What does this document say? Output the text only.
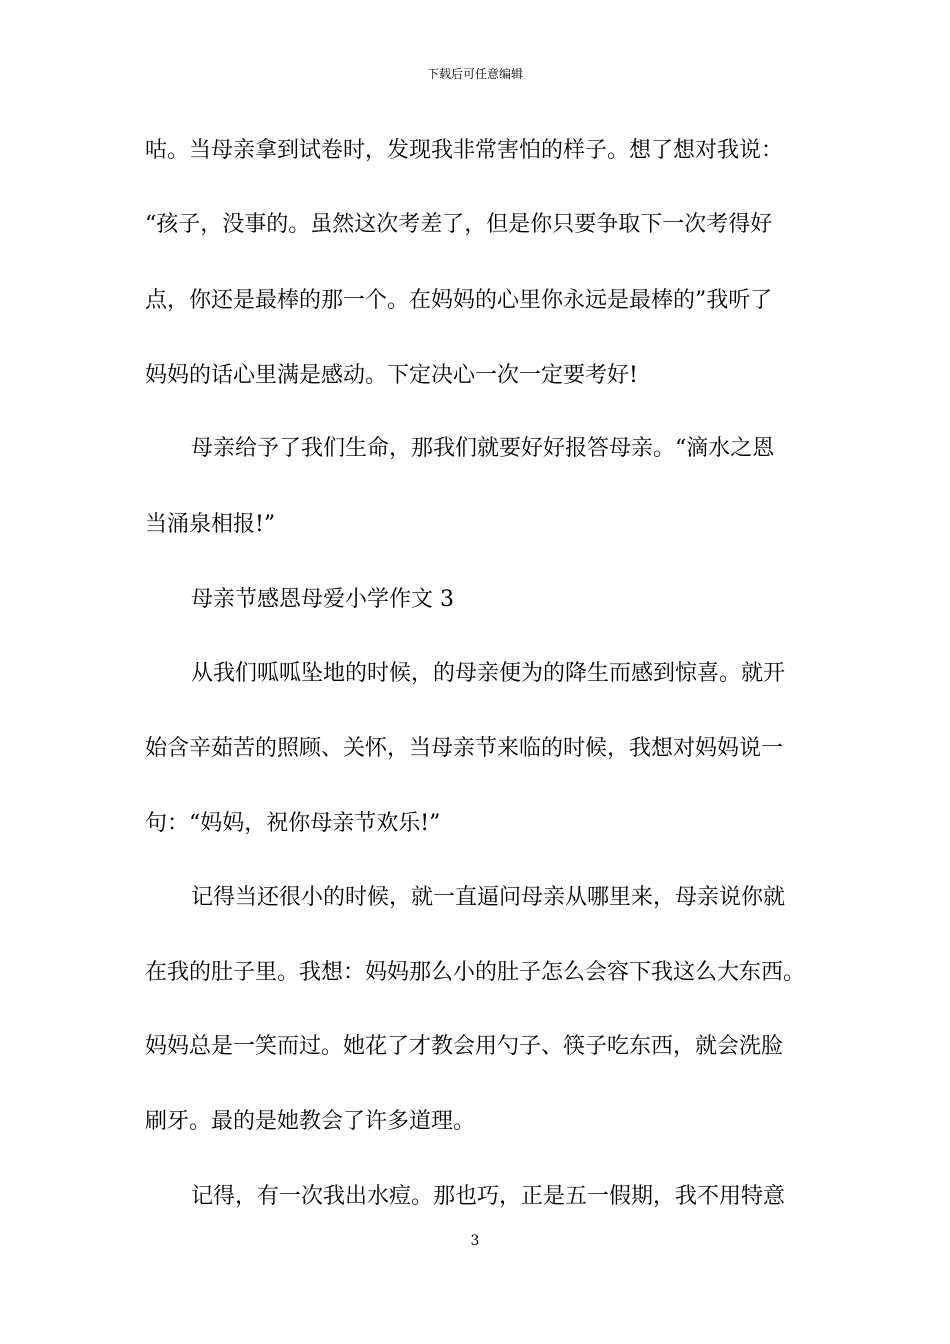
下载后可任意编辑
咕。当母亲拿到试卷时，发现我非常害怕的样子。想了想对我说：
“孩子，没事的。虽然这次考差了，但是你只要争取下一次考得好
点，你还是最棒的那一个。在妈妈的心里你永远是最棒的”我听了
妈妈的话心里满是感动。下定决心一次一定要考好!
母亲给予了我们生命，那我们就要好好报答母亲。“滴水之恩
当涌泉相报!”
母亲节感恩母爱小学作文 3
从我们呱呱坠地的时候，的母亲便为的降生而感到惊喜。就开
始含辛茹苦的照顾、关怀，当母亲节来临的时候，我想对妈妈说一
句：“妈妈，祝你母亲节欢乐!”
记得当还很小的时候，就一直逼问母亲从哪里来，母亲说你就
在我的肚子里。我想：妈妈那么小的肚子怎么会容下我这么大东西。
妈妈总是一笑而过。她花了才教会用勺子、筷子吃东西，就会洗脸
刷牙。最的是她教会了许多道理。
记得，有一次我出水痘。那也巧，正是五一假期，我不用特意
3
